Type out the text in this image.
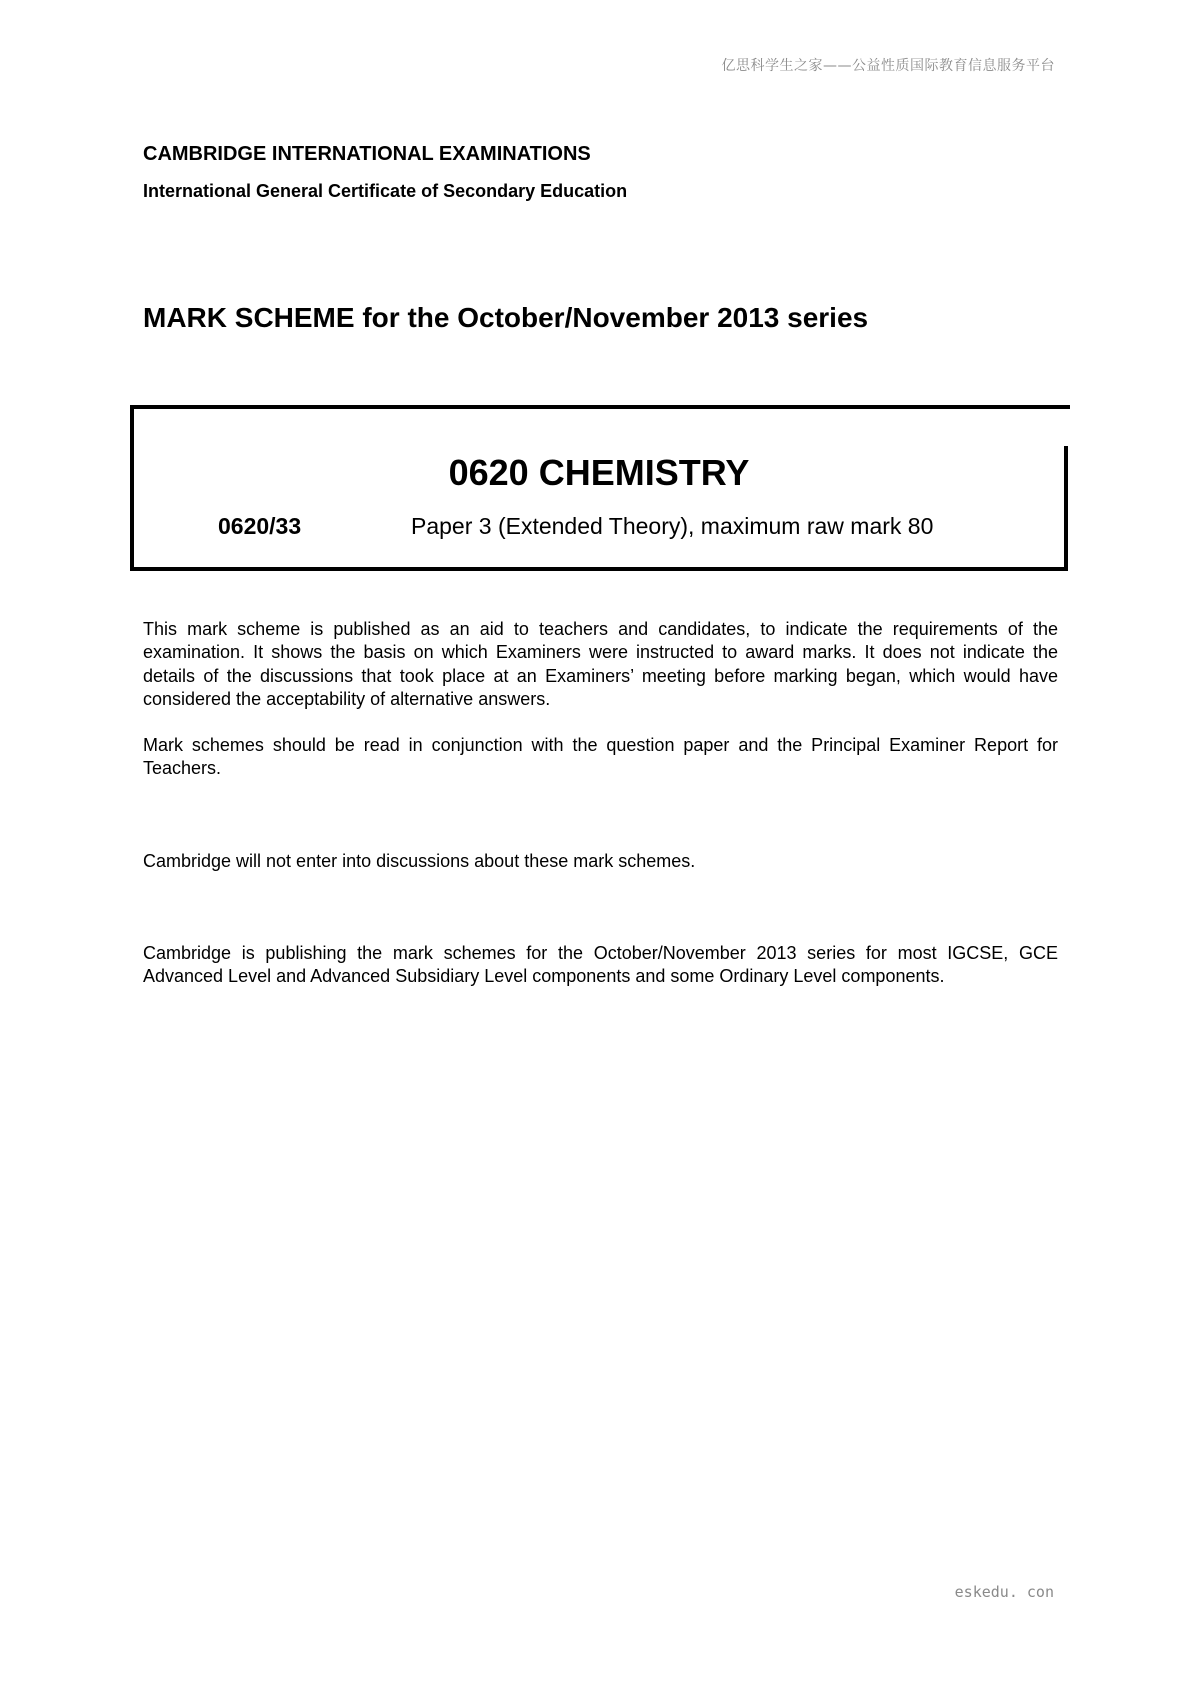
亿思科学生之家——公益性质国际教育信息服务平台
CAMBRIDGE INTERNATIONAL EXAMINATIONS
International General Certificate of Secondary Education
MARK SCHEME for the October/November 2013 series
0620 CHEMISTRY
0620/33	Paper 3 (Extended Theory), maximum raw mark 80

This mark scheme is published as an aid to teachers and candidates, to indicate the requirements of the examination. It shows the basis on which Examiners were instructed to award marks. It does not indicate the details of the discussions that took place at an Examiners’ meeting before marking began, which would have considered the acceptability of alternative answers.

Mark schemes should be read in conjunction with the question paper and the Principal Examiner Report for Teachers.

Cambridge will not enter into discussions about these mark schemes.

Cambridge is publishing the mark schemes for the October/November 2013 series for most IGCSE, GCE Advanced Level and Advanced Subsidiary Level components and some Ordinary Level components.

eskedu. con
